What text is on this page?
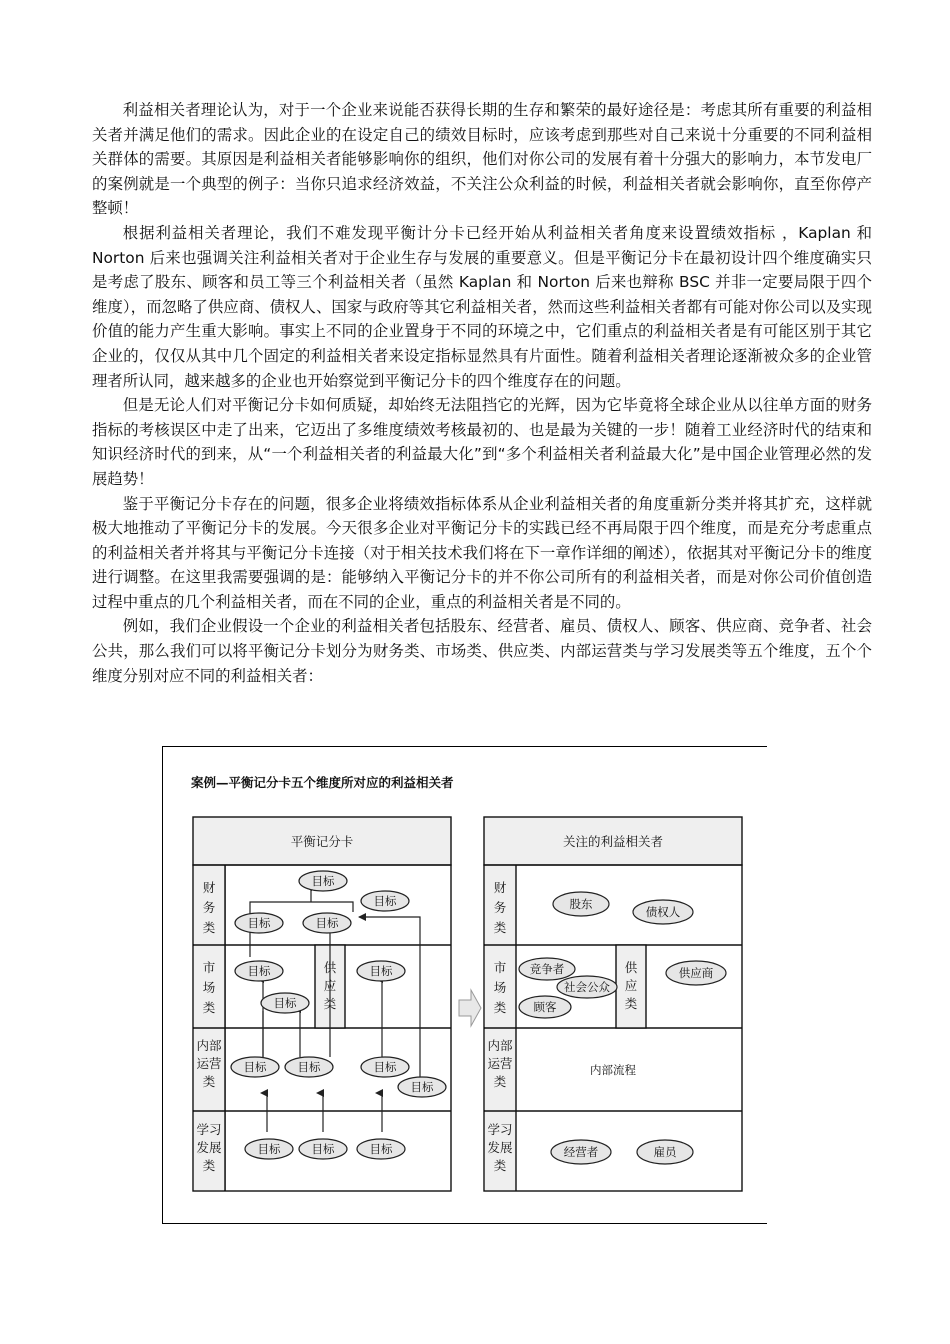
利益相关者理论认为，对于一个企业来说能否获得长期的生存和繁荣的最好途径是：考虑其所有重要的利益相关者并满足他们的需求。因此企业的在设定自己的绩效目标时，应该考虑到那些对自己来说十分重要的不同利益相关群体的需要。其原因是利益相关者能够影响你的组织，他们对你公司的发展有着十分强大的影响力，本节发电厂的案例就是一个典型的例子：当你只追求经济效益，不关注公众利益的时候，利益相关者就会影响你，直至你停产整顿！

根据利益相关者理论，我们不难发现平衡计分卡已经开始从利益相关者角度来设置绩效指标 ，Kaplan 和 Norton 后来也强调关注利益相关者对于企业生存与发展的重要意义。但是平衡记分卡在最初设计四个维度确实只是考虑了股东、顾客和员工等三个利益相关者（虽然 Kaplan 和 Norton 后来也辩称 BSC 并非一定要局限于四个维度），而忽略了供应商、债权人、国家与政府等其它利益相关者，然而这些利益相关者都有可能对你公司以及实现价值的能力产生重大影响。事实上不同的企业置身于不同的环境之中，它们重点的利益相关者是有可能区别于其它企业的，仅仅从其中几个固定的利益相关者来设定指标显然具有片面性。随着利益相关者理论逐渐被众多的企业管理者所认同，越来越多的企业也开始察觉到平衡记分卡的四个维度存在的问题。

但是无论人们对平衡记分卡如何质疑，却始终无法阻挡它的光辉，因为它毕竟将全球企业从以往单方面的财务指标的考核误区中走了出来，它迈出了多维度绩效考核最初的、也是最为关键的一步！随着工业经济时代的结束和知识经济时代的到来，从“一个利益相关者的利益最大化”到“多个利益相关者利益最大化”是中国企业管理必然的发展趋势！

鉴于平衡记分卡存在的问题，很多企业将绩效指标体系从企业利益相关者的角度重新分类并将其扩充，这样就极大地推动了平衡记分卡的发展。今天很多企业对平衡记分卡的实践已经不再局限于四个维度，而是充分考虑重点的利益相关者并将其与平衡记分卡连接（对于相关技术我们将在下一章作详细的阐述），依据其对平衡记分卡的维度进行调整。在这里我需要强调的是：能够纳入平衡记分卡的并不你公司所有的利益相关者，而是对你公司价值创造过程中重点的几个利益相关者，而在不同的企业，重点的利益相关者是不同的。

例如，我们企业假设一个企业的利益相关者包括股东、经营者、雇员、债权人、顾客、供应商、竞争者、社会公共，那么我们可以将平衡记分卡划分为财务类、市场类、供应类、内部运营类与学习发展类等五个维度，五个个维度分别对应不同的利益相关者：

案例—平衡记分卡五个维度所对应的利益相关者
平衡记分卡
财务类
市场类
供应类
内部运营类
学习发展类
目标
目标
目标	目标
目标	目标
目标
目标	目标	目标
目标
目标	目标	目标
关注的利益相关者
财务类
市场类
供应类
内部运营类
学习发展类
股东
债权人
竞争者
社会公众
顾客
供应商
内部流程
经营者	雇员
